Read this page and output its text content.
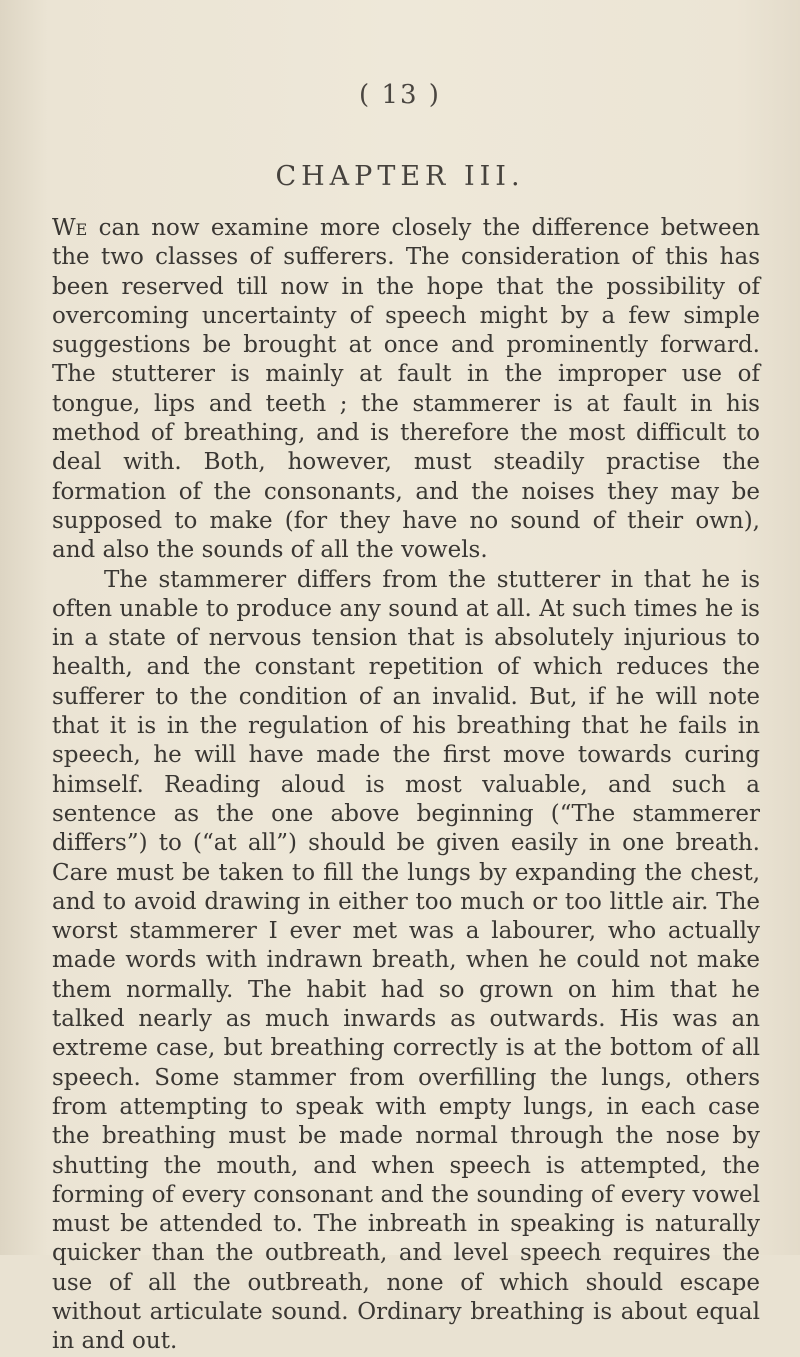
( 13 )
CHAPTER III.

We can now examine more closely the difference between the two classes of sufferers. The consideration of this has been reserved till now in the hope that the possibility of overcoming uncertainty of speech might by a few simple suggestions be brought at once and prominently forward. The stutterer is mainly at fault in the improper use of tongue, lips and teeth ; the stammerer is at fault in his method of breathing, and is therefore the most difficult to deal with. Both, however, must steadily practise the formation of the consonants, and the noises they may be supposed to make (for they have no sound of their own), and also the sounds of all the vowels.

The stammerer differs from the stutterer in that he is often unable to produce any sound at all. At such times he is in a state of nervous tension that is absolutely injurious to health, and the constant repetition of which reduces the sufferer to the condition of an invalid. But, if he will note that it is in the regulation of his breathing that he fails in speech, he will have made the first move towards curing himself. Reading aloud is most valuable, and such a sentence as the one above beginning (“The stammerer differs”) to (“at all”) should be given easily in one breath. Care must be taken to fill the lungs by expanding the chest, and to avoid drawing in either too much or too little air. The worst stammerer I ever met was a labourer, who actually made words with indrawn breath, when he could not make them normally. The habit had so grown on him that he talked nearly as much inwards as outwards. His was an extreme case, but breathing correctly is at the bottom of all speech. Some stammer from overfilling the lungs, others from attempting to speak with empty lungs, in each case the breathing must be made normal through the nose by shutting the mouth, and when speech is attempted, the forming of every consonant and the sounding of every vowel must be attended to. The inbreath in speaking is naturally quicker than the outbreath, and level speech requires the use of all the outbreath, none of which should escape without articulate sound. Ordinary breathing is about equal in and out.
